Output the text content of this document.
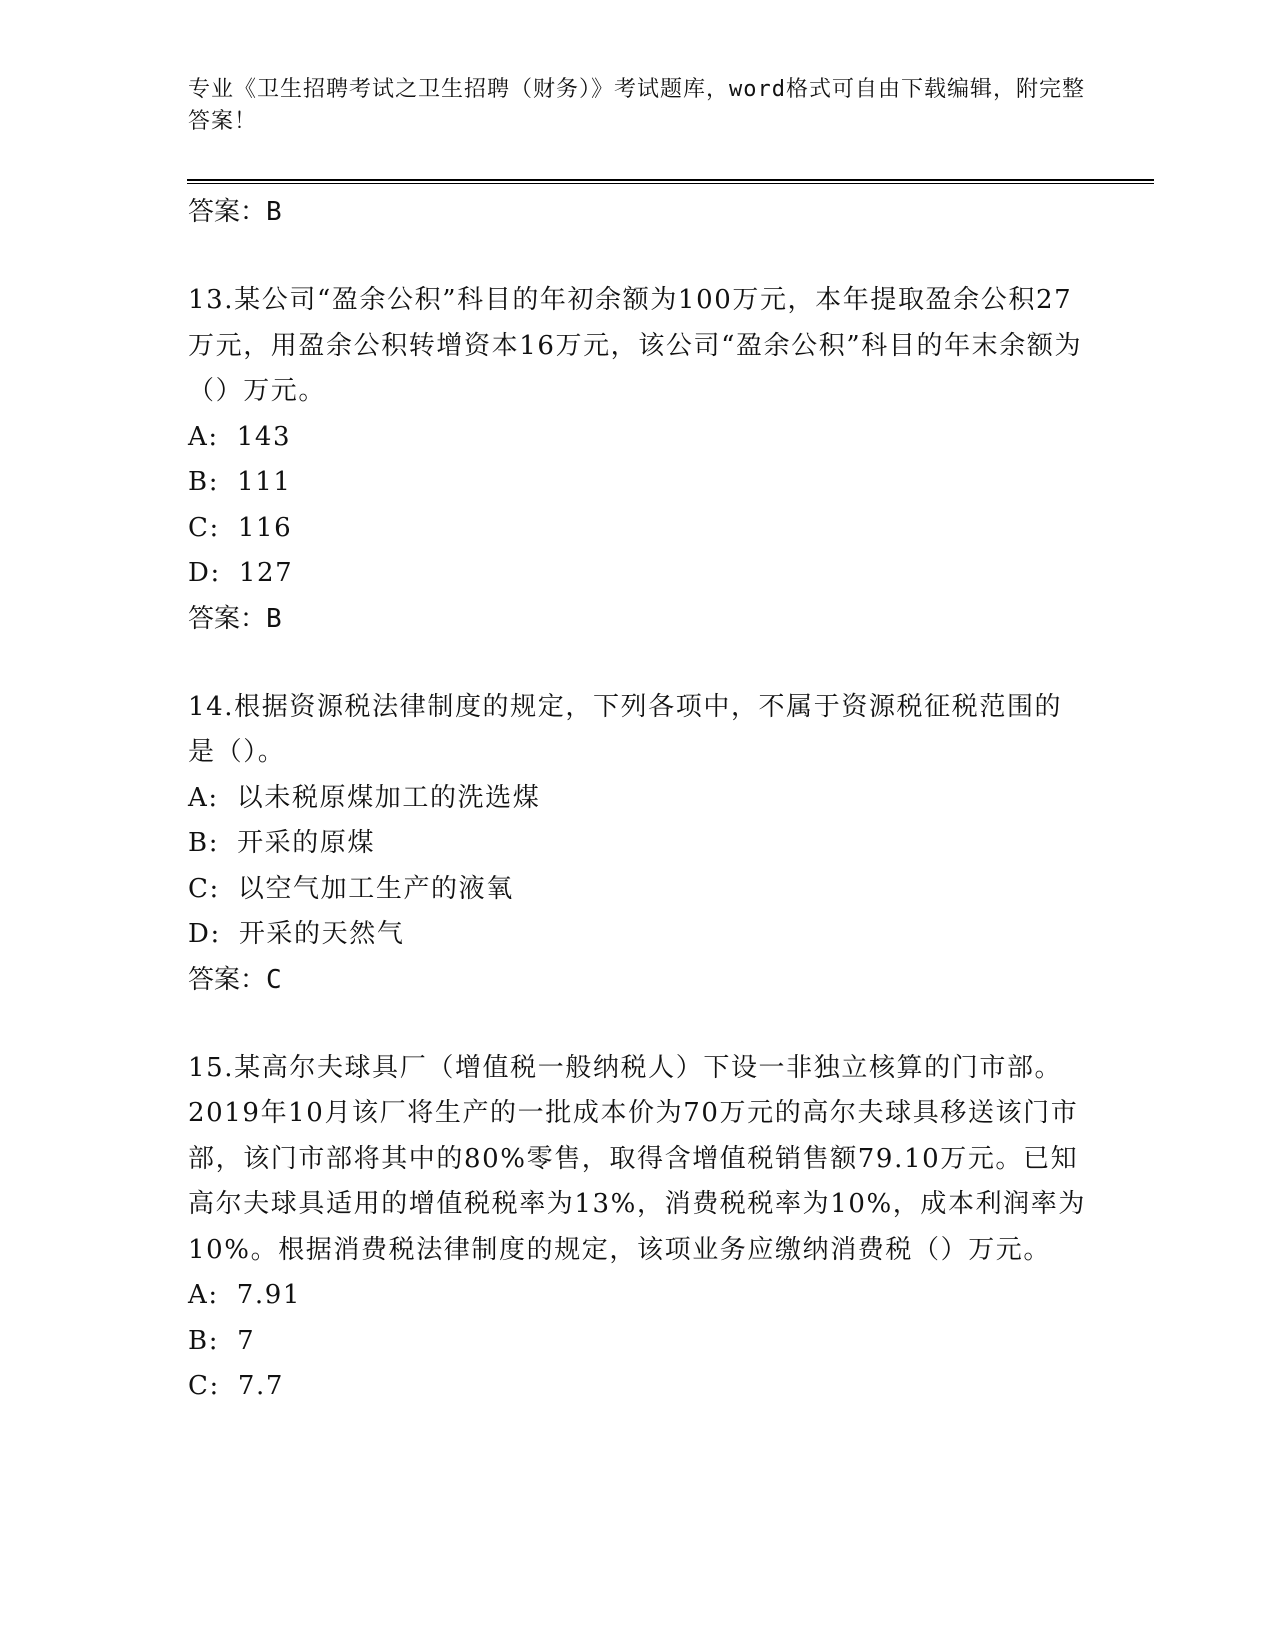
专业《卫生招聘考试之卫生招聘（财务）》考试题库，word格式可自由下载编辑，附完整答案！
答案：B
13.某公司“盈余公积”科目的年初余额为100万元，本年提取盈余公积27万元，用盈余公积转增资本16万元，该公司“盈余公积”科目的年末余额为（）万元。
A: 143
B: 111
C: 116
D: 127
答案：B
14.根据资源税法律制度的规定，下列各项中，不属于资源税征税范围的是（）。
A: 以未税原煤加工的洗选煤
B: 开采的原煤
C: 以空气加工生产的液氧
D: 开采的天然气
答案：C
15.某高尔夫球具厂（增值税一般纳税人）下设一非独立核算的门市部。2019年10月该厂将生产的一批成本价为70万元的高尔夫球具移送该门市部，该门市部将其中的80%零售，取得含增值税销售额79.10万元。已知高尔夫球具适用的增值税税率为13%，消费税税率为10%，成本利润率为10%。根据消费税法律制度的规定，该项业务应缴纳消费税（）万元。
A: 7.91
B: 7
C: 7.7
